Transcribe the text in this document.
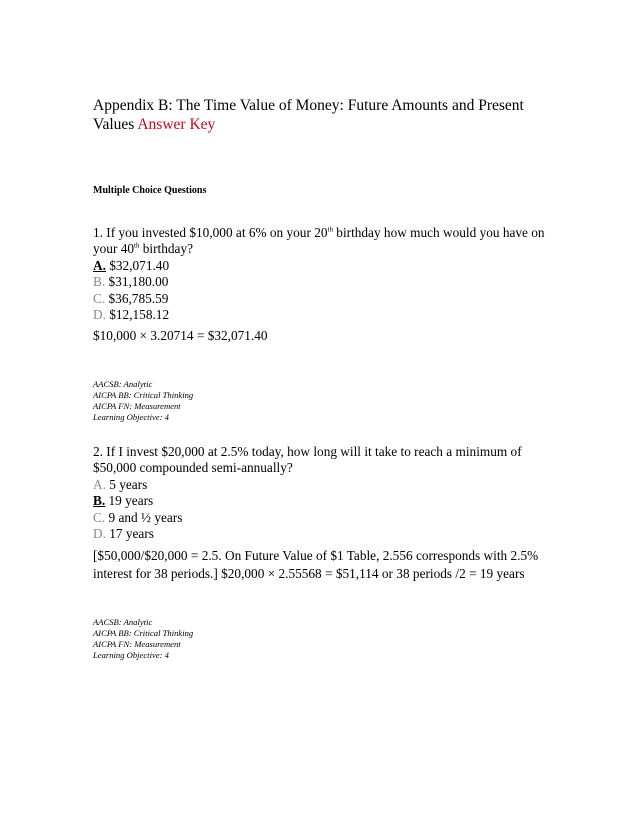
Appendix B: The Time Value of Money: Future Amounts and Present Values Answer Key
Multiple Choice Questions
1. If you invested $10,000 at 6% on your 20th birthday how much would you have on your 40th birthday?
A. $32,071.40
B. $31,180.00
C. $36,785.59
D. $12,158.12
$10,000 × 3.20714 = $32,071.40
AACSB: Analytic
AICPA BB: Critical Thinking
AICPA FN: Measurement
Learning Objective: 4
2. If I invest $20,000 at 2.5% today, how long will it take to reach a minimum of $50,000 compounded semi-annually?
A. 5 years
B. 19 years
C. 9 and ½ years
D. 17 years
[$50,000/$20,000 = 2.5. On Future Value of $1 Table, 2.556 corresponds with 2.5% interest for 38 periods.] $20,000 × 2.55568 = $51,114 or 38 periods /2 = 19 years
AACSB: Analytic
AICPA BB: Critical Thinking
AICPA FN: Measurement
Learning Objective: 4
